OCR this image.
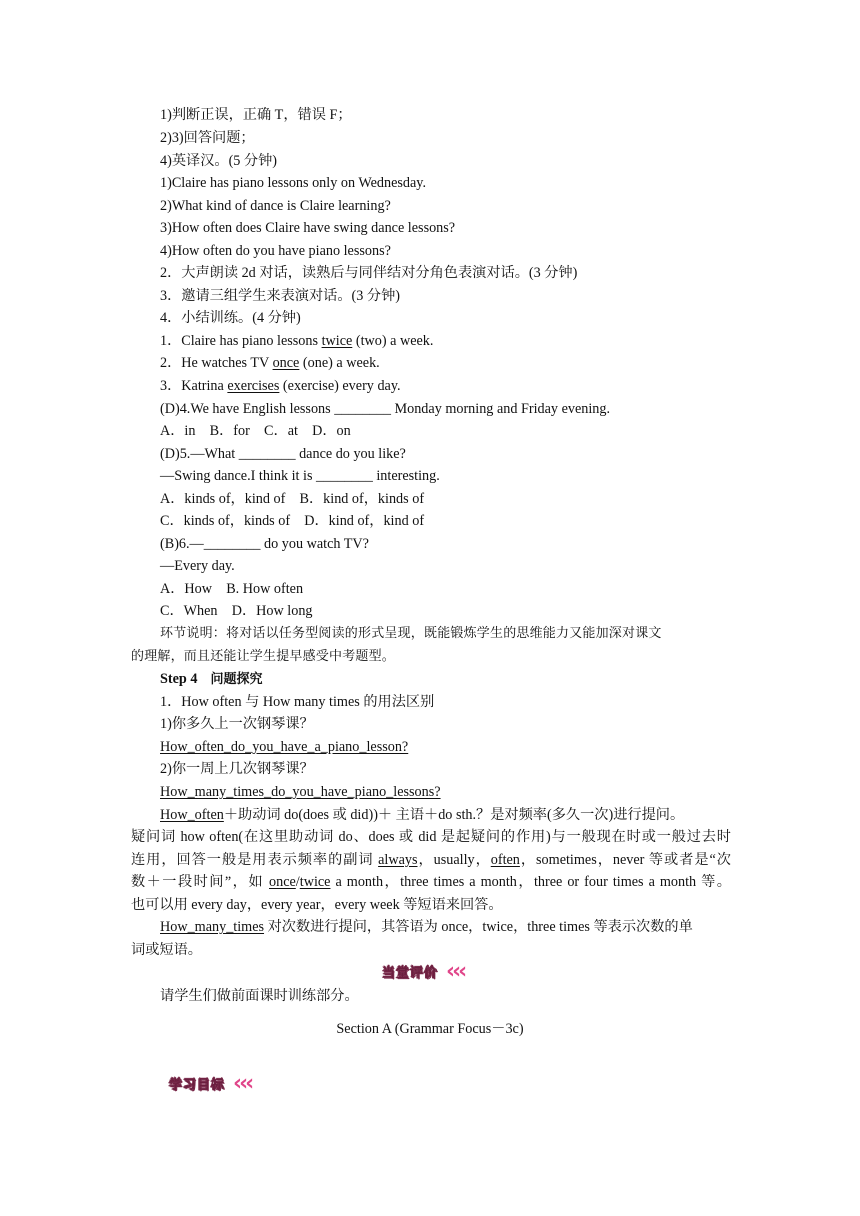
1)判断正误，正确 T，错误 F；
2)3)回答问题；
4)英译汉。(5 分钟)
1)Claire has piano lessons only on Wednesday.
2)What kind of dance is Claire learning?
3)How often does Claire have swing dance lessons?
4)How often do you have piano lessons?
2．大声朗读 2d 对话，读熟后与同伴结对分角色表演对话。(3 分钟)
3．邀请三组学生来表演对话。(3 分钟)
4．小结训练。(4 分钟)
1．Claire has piano lessons twice (two) a week.
2．He watches TV once (one) a week.
3．Katrina exercises (exercise) every day.
(D)4.We have English lessons ________ Monday morning and Friday evening.
A．in　B．for　C．at　D．on
(D)5.—What ________ dance do you like?
—Swing dance.I think it is ________ interesting.
A．kinds of，kind of　B．kind of，kinds of
C．kinds of，kinds of　D．kind of，kind of
(B)6.—________ do you watch TV?
—Every day.
A．How　B. How often
C．When　D．How long
环节说明：将对话以任务型阅读的形式呈现，既能锻炼学生的思维能力又能加深对课文
的理解，而且还能让学生提早感受中考题型。
Step 4　问题探究
1．How often 与 How many times 的用法区别
1)你多久上一次钢琴课？
How_often_do_you_have_a_piano_lesson?
2)你一周上几次钢琴课？
How_many_times_do_you_have_piano_lessons?
How_often＋助动词 do(does 或 did))＋ 主语＋do sth.？是对频率(多久一次)进行提问。
疑问词 how often(在这里助动词 do、does 或 did 是起疑问的作用)与一般现在时或一般过去时
连用，回答一般是用表示频率的副词 always，usually，often，sometimes，never 等或者是“次
数＋一段时间”，如 once/twice a month，three times a month，three or four times a month 等。
也可以用 every day，every year，every week 等短语来回答。
How_many_times 对次数进行提问，其答语为 once，twice，three times 等表示次数的单
词或短语。
当堂评价 ‹‹‹
请学生们做前面课时训练部分。
Section A (Grammar Focus－3c)
学习目标 ‹‹‹
